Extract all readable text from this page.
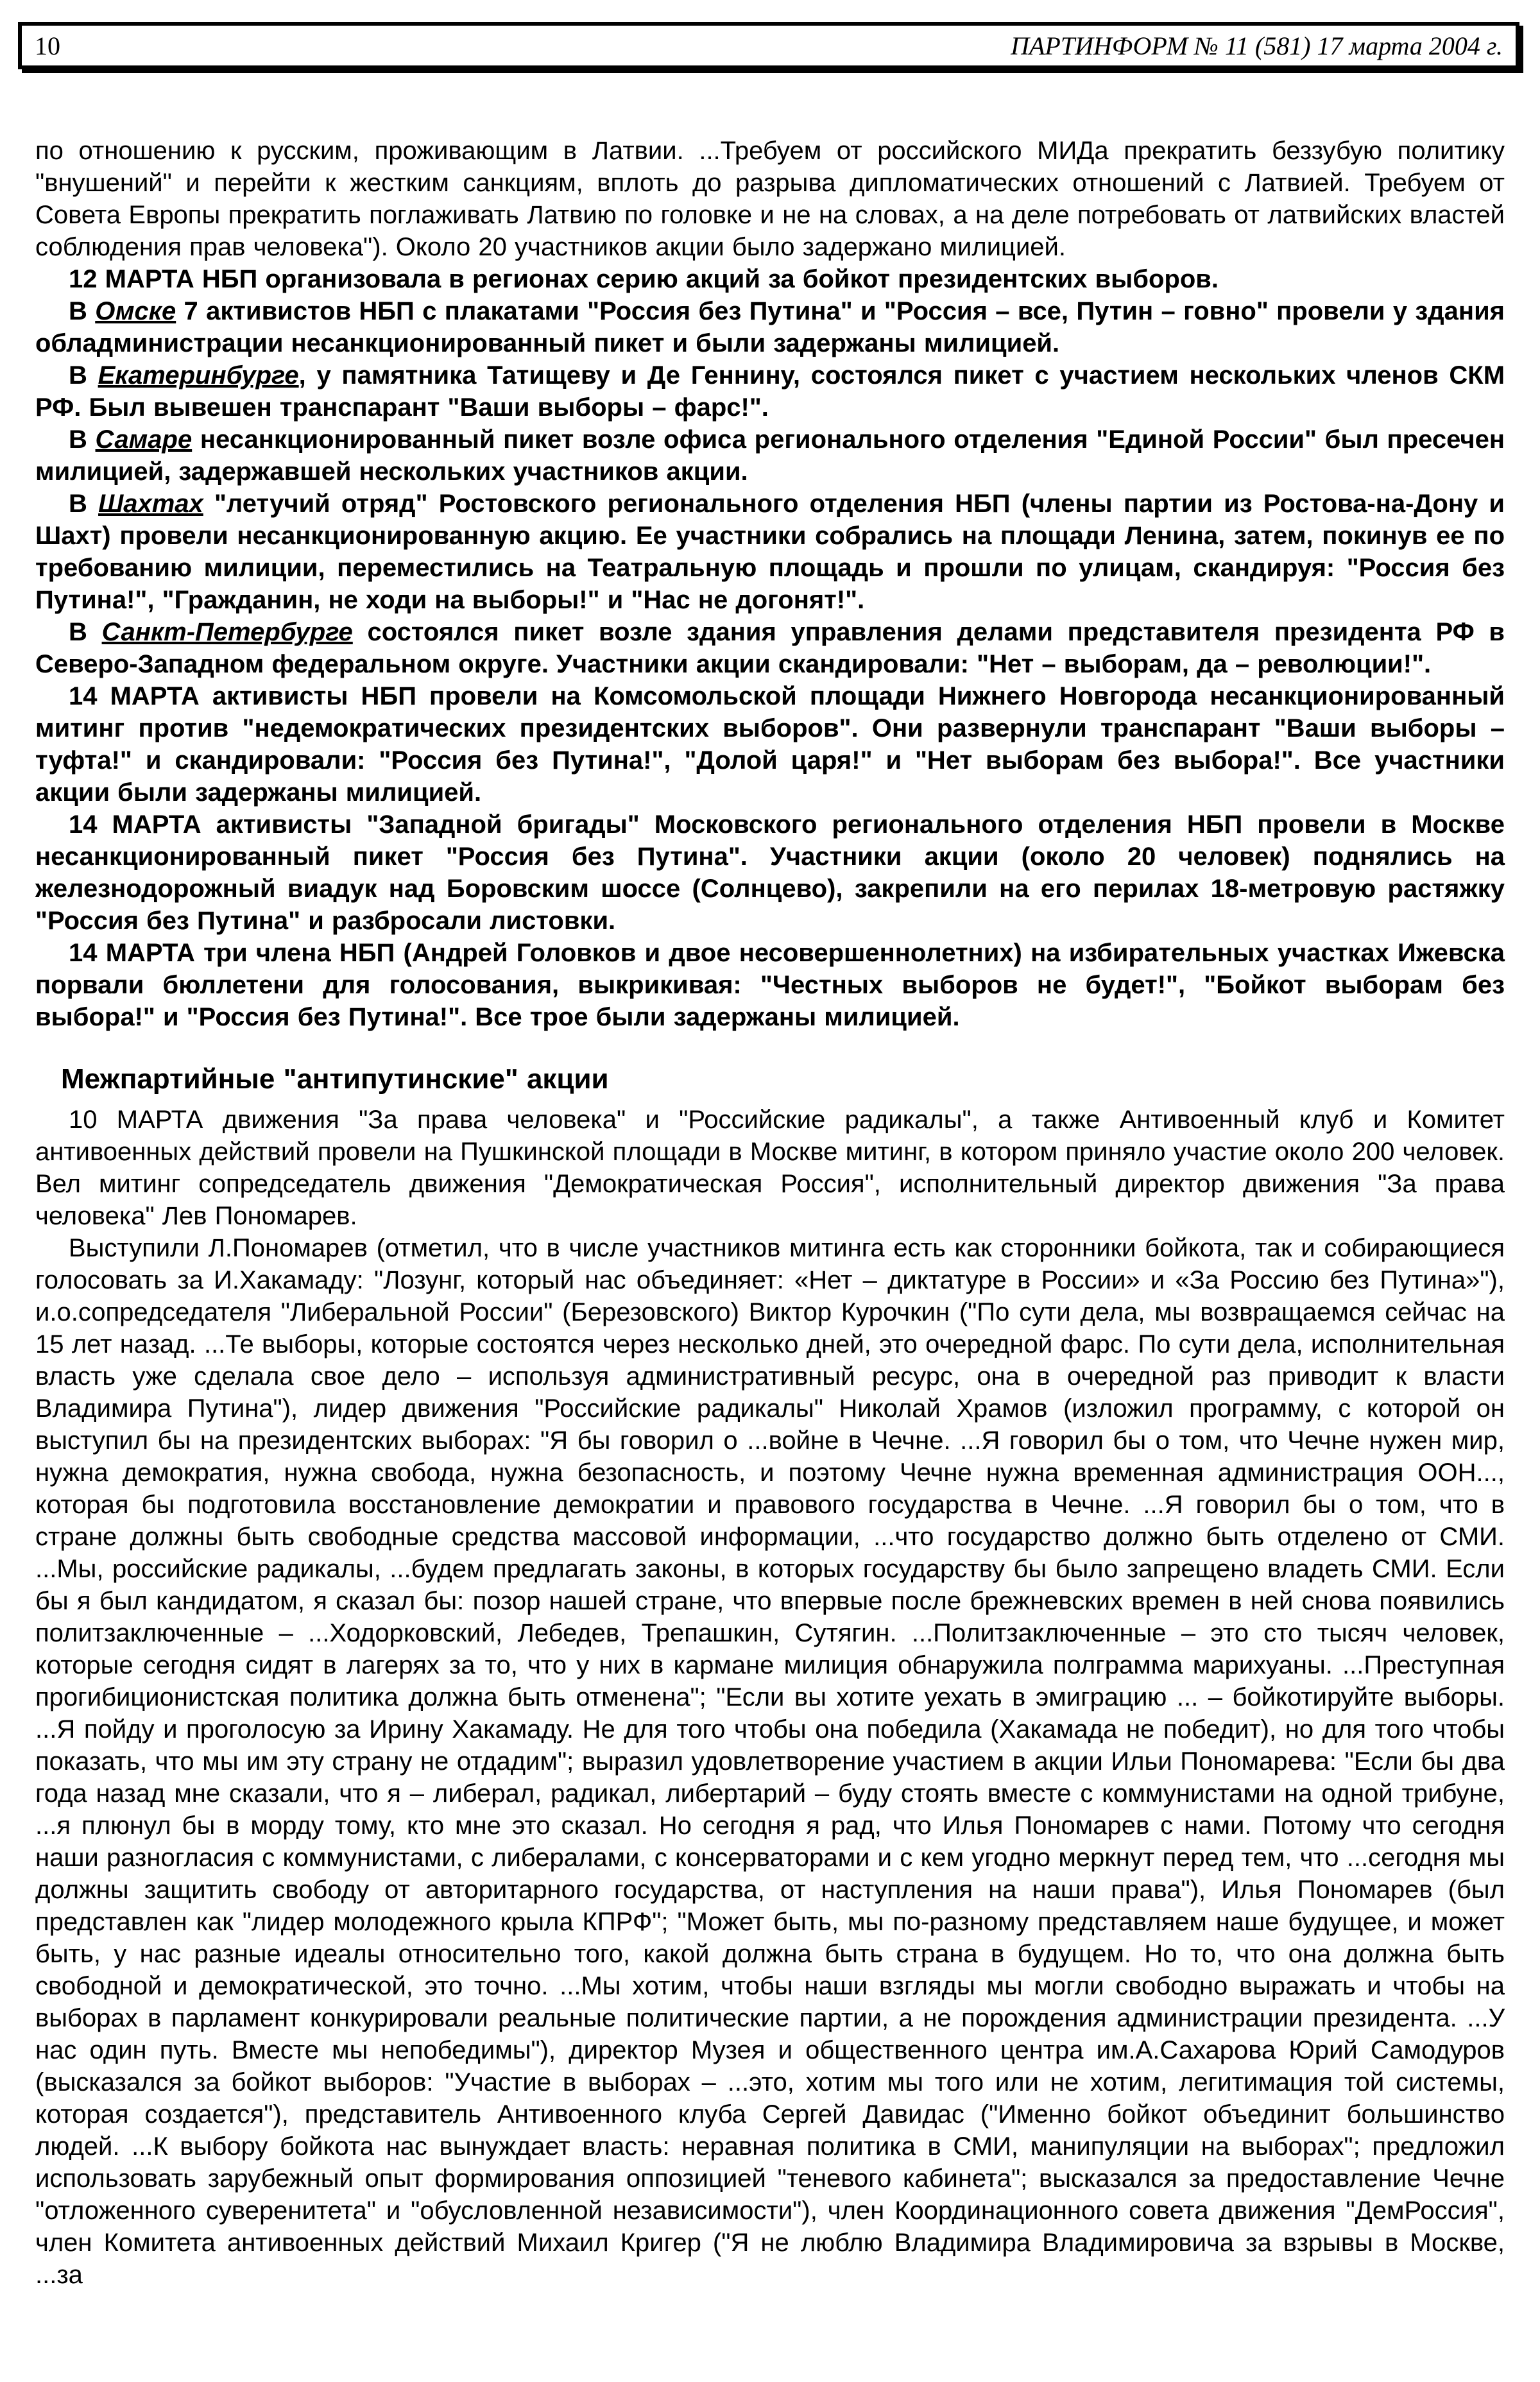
10	ПАРТИНФОРМ № 11 (581) 17 марта 2004 г.

по отношению к русским, проживающим в Латвии. ...Требуем от российского МИДа прекратить беззубую политику "внушений" и перейти к жестким санкциям, вплоть до разрыва дипломатических отношений с Латвией. Требуем от Совета Европы прекратить поглаживать Латвию по головке и не на словах, а на деле потребовать от латвийских властей соблюдения прав человека"). Около 20 участников акции было задержано милицией.

12 МАРТА НБП организовала в регионах серию акций за бойкот президентских выборов.

В Омске 7 активистов НБП с плакатами "Россия без Путина" и "Россия – все, Путин – говно" провели у здания обладминистрации несанкционированный пикет и были задержаны милицией.

В Екатеринбурге, у памятника Татищеву и Де Геннину, состоялся пикет с участием нескольких членов СКМ РФ. Был вывешен транспарант "Ваши выборы – фарс!".

В Самаре несанкционированный пикет возле офиса регионального отделения "Единой России" был пресечен милицией, задержавшей нескольких участников акции.

В Шахтах "летучий отряд" Ростовского регионального отделения НБП (члены партии из Ростова-на-Дону и Шахт) провели несанкционированную акцию. Ее участники собрались на площади Ленина, затем, покинув ее по требованию милиции, переместились на Театральную площадь и прошли по улицам, скандируя: "Россия без Путина!", "Гражданин, не ходи на выборы!" и "Нас не догонят!".

В Санкт-Петербурге состоялся пикет возле здания управления делами представителя президента РФ в Северо-Западном федеральном округе. Участники акции скандировали: "Нет – выборам, да – революции!".

14 МАРТА активисты НБП провели на Комсомольской площади Нижнего Новгорода несанкционированный митинг против "недемократических президентских выборов". Они развернули транспарант "Ваши выборы – туфта!" и скандировали: "Россия без Путина!", "Долой царя!" и "Нет выборам без выбора!". Все участники акции были задержаны милицией.

14 МАРТА активисты "Западной бригады" Московского регионального отделения НБП провели в Москве несанкционированный пикет "Россия без Путина". Участники акции (около 20 человек) поднялись на железнодорожный виадук над Боровским шоссе (Солнцево), закрепили на его перилах 18-метровую растяжку "Россия без Путина" и разбросали листовки.

14 МАРТА три члена НБП (Андрей Головков и двое несовершеннолетних) на избирательных участках Ижевска порвали бюллетени для голосования, выкрикивая: "Честных выборов не будет!", "Бойкот выборам без выбора!" и "Россия без Путина!". Все трое были задержаны милицией.

Межпартийные "антипутинские" акции

10 МАРТА движения "За права человека" и "Российские радикалы", а также Антивоенный клуб и Комитет антивоенных действий провели на Пушкинской площади в Москве митинг, в котором приняло участие около 200 человек. Вел митинг сопредседатель движения "Демократическая Россия", исполнительный директор движения "За права человека" Лев Пономарев.

Выступили Л.Пономарев (отметил, что в числе участников митинга есть как сторонники бойкота, так и собирающиеся голосовать за И.Хакамаду: "Лозунг, который нас объединяет: «Нет – диктатуре в России» и «За Россию без Путина»"), и.о.сопредседателя "Либеральной России" (Березовского) Виктор Курочкин ("По сути дела, мы возвращаемся сейчас на 15 лет назад. ...Те выборы, которые состоятся через несколько дней, это очередной фарс. По сути дела, исполнительная власть уже сделала свое дело – используя административный ресурс, она в очередной раз приводит к власти Владимира Путина"), лидер движения "Российские радикалы" Николай Храмов (изложил программу, с которой он выступил бы на президентских выборах: "Я бы говорил о ...войне в Чечне. ...Я говорил бы о том, что Чечне нужен мир, нужна демократия, нужна свобода, нужна безопасность, и поэтому Чечне нужна временная администрация ООН..., которая бы подготовила восстановление демократии и правового государства в Чечне. ...Я говорил бы о том, что в стране должны быть свободные средства массовой информации, ...что государство должно быть отделено от СМИ. ...Мы, российские радикалы, ...будем предлагать законы, в которых государству бы было запрещено владеть СМИ. Если бы я был кандидатом, я сказал бы: позор нашей стране, что впервые после брежневских времен в ней снова появились политзаключенные – ...Ходорковский, Лебедев, Трепашкин, Сутягин. ...Политзаключенные – это сто тысяч человек, которые сегодня сидят в лагерях за то, что у них в кармане милиция обнаружила полграмма марихуаны. ...Преступная прогибиционистская политика должна быть отменена"; "Если вы хотите уехать в эмиграцию ... – бойкотируйте выборы. ...Я пойду и проголосую за Ирину Хакамаду. Не для того чтобы она победила (Хакамада не победит), но для того чтобы показать, что мы им эту страну не отдадим"; выразил удовлетворение участием в акции Ильи Пономарева: "Если бы два года назад мне сказали, что я – либерал, радикал, либертарий – буду стоять вместе с коммунистами на одной трибуне, ...я плюнул бы в морду тому, кто мне это сказал. Но сегодня я рад, что Илья Пономарев с нами. Потому что сегодня наши разногласия с коммунистами, с либералами, с консерваторами и с кем угодно меркнут перед тем, что ...сегодня мы должны защитить свободу от авторитарного государства, от наступления на наши права"), Илья Пономарев (был представлен как "лидер молодежного крыла КПРФ"; "Может быть, мы по-разному представляем наше будущее, и может быть, у нас разные идеалы относительно того, какой должна быть страна в будущем. Но то, что она должна быть свободной и демократической, это точно. ...Мы хотим, чтобы наши взгляды мы могли свободно выражать и чтобы на выборах в парламент конкурировали реальные политические партии, а не порождения администрации президента. ...У нас один путь. Вместе мы непобедимы"), директор Музея и общественного центра им.А.Сахарова Юрий Самодуров (высказался за бойкот выборов: "Участие в выборах – ...это, хотим мы того или не хотим, легитимация той системы, которая создается"), представитель Антивоенного клуба Сергей Давидас ("Именно бойкот объединит большинство людей. ...К выбору бойкота нас вынуждает власть: неравная политика в СМИ, манипуляции на выборах"; предложил использовать зарубежный опыт формирования оппозицией "теневого кабинета"; высказался за предоставление Чечне "отложенного суверенитета" и "обусловленной независимости"), член Координационного совета движения "ДемРоссия", член Комитета антивоенных действий Михаил Кригер ("Я не люблю Владимира Владимировича за взрывы в Москве, ...за
